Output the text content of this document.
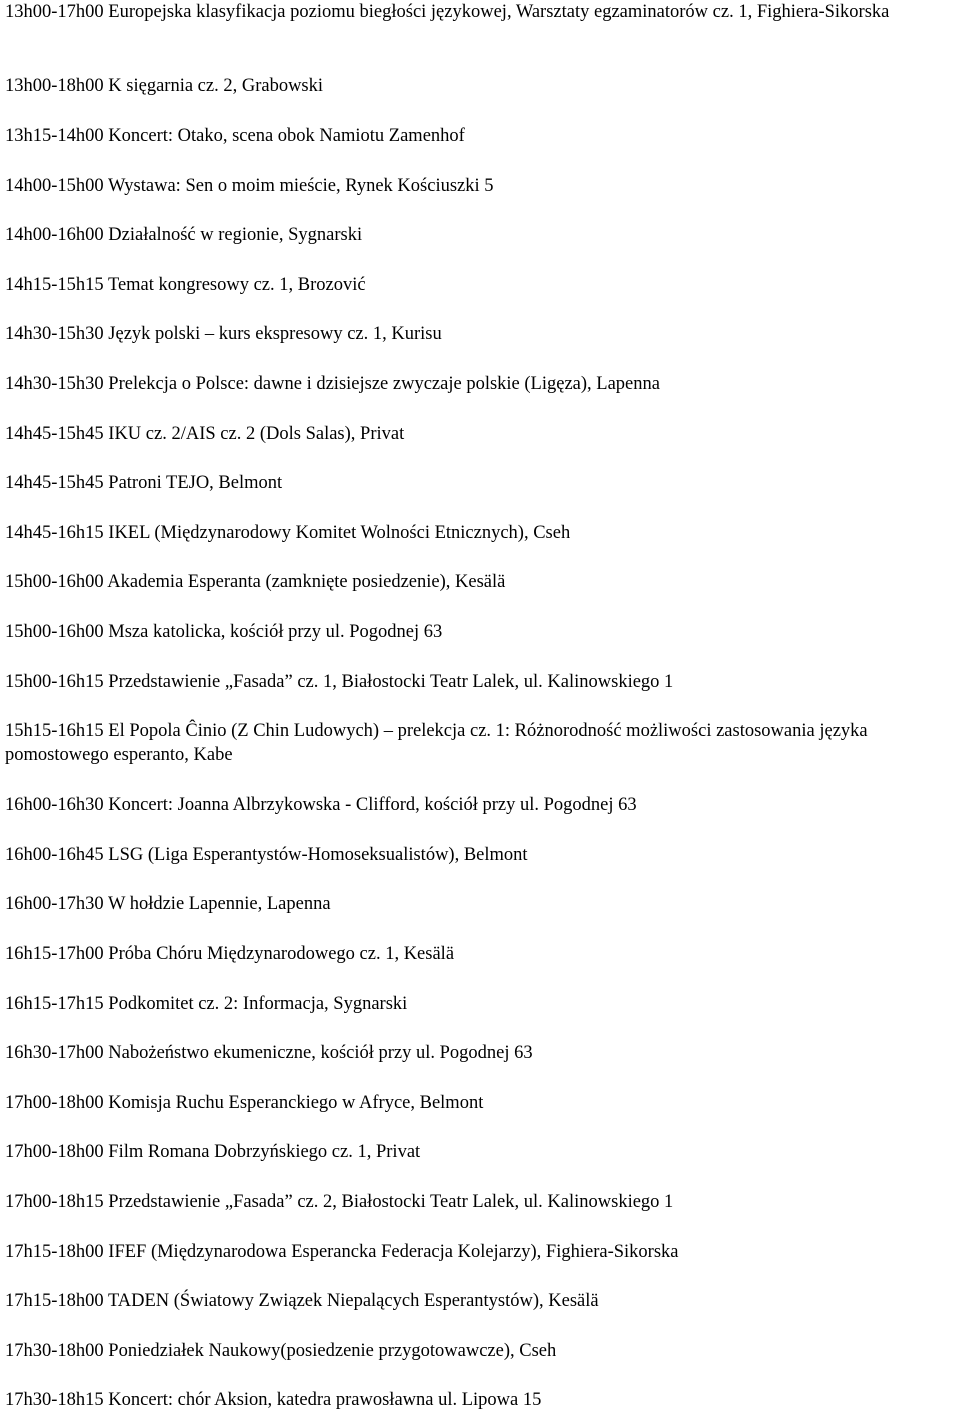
13h00-17h00 Europejska klasyfikacja poziomu biegłości językowej, Warsztaty egzaminatorów cz. 1, Fighiera-Sikorska

13h00-18h00 K sięgarnia cz. 2, Grabowski

13h15-14h00 Koncert: Otako, scena obok Namiotu Zamenhof

14h00-15h00 Wystawa: Sen o moim mieście, Rynek Kościuszki 5

14h00-16h00 Działalność w regionie, Sygnarski

14h15-15h15 Temat kongresowy cz. 1, Brozović

14h30-15h30 Język polski – kurs ekspresowy cz. 1, Kurisu

14h30-15h30 Prelekcja o Polsce: dawne i dzisiejsze zwyczaje polskie (Ligęza), Lapenna

14h45-15h45 IKU cz. 2/AIS cz. 2 (Dols Salas), Privat

14h45-15h45 Patroni TEJO, Belmont

14h45-16h15 IKEL (Międzynarodowy Komitet Wolności Etnicznych), Cseh

15h00-16h00 Akademia Esperanta (zamknięte posiedzenie), Kesälä

15h00-16h00 Msza katolicka, kościół przy ul. Pogodnej 63

15h00-16h15 Przedstawienie „Fasada” cz. 1, Białostocki Teatr Lalek, ul. Kalinowskiego 1

15h15-16h15 El Popola Ĉinio (Z Chin Ludowych) – prelekcja cz. 1: Różnorodność możliwości zastosowania języka pomostowego esperanto, Kabe

16h00-16h30 Koncert: Joanna Albrzykowska - Clifford, kościół przy ul. Pogodnej 63

16h00-16h45 LSG (Liga Esperantystów-Homoseksualistów), Belmont

16h00-17h30 W hołdzie Lapennie, Lapenna

16h15-17h00 Próba Chóru Międzynarodowego cz. 1, Kesälä

16h15-17h15 Podkomitet cz. 2: Informacja, Sygnarski

16h30-17h00 Nabożeństwo ekumeniczne, kościół przy ul. Pogodnej 63

17h00-18h00 Komisja Ruchu Esperanckiego w Afryce, Belmont

17h00-18h00 Film Romana Dobrzyńskiego cz. 1, Privat

17h00-18h15 Przedstawienie „Fasada” cz. 2, Białostocki Teatr Lalek, ul. Kalinowskiego 1

17h15-18h00 IFEF (Międzynarodowa Esperancka Federacja Kolejarzy), Fighiera-Sikorska

17h15-18h00 TADEN (Światowy Związek Niepalących Esperantystów), Kesälä

17h30-18h00 Poniedziałek Naukowy(posiedzenie przygotowawcze), Cseh

17h30-18h15 Koncert: chór Aksion, katedra prawosławna ul. Lipowa 15
